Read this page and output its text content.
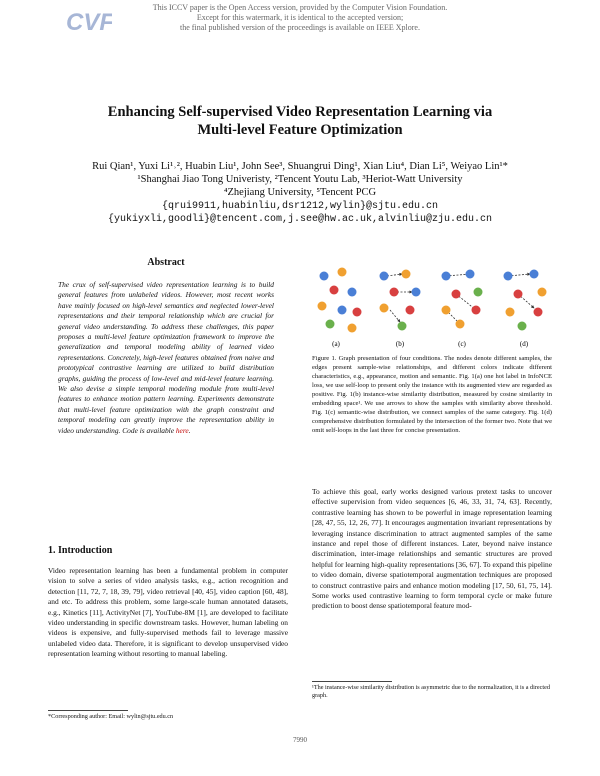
CVF
This ICCV paper is the Open Access version, provided by the Computer Vision Foundation.
Except for this watermark, it is identical to the accepted version;
the final published version of the proceedings is available on IEEE Xplore.
Enhancing Self-supervised Video Representation Learning via
Multi-level Feature Optimization
Rui Qian¹, Yuxi Li¹˒², Huabin Liu¹, John See³, Shuangrui Ding¹, Xian Liu⁴, Dian Li⁵, Weiyao Lin¹*
¹Shanghai Jiao Tong Univeristy, ²Tencent Youtu Lab, ³Heriot-Watt University
⁴Zhejiang University, ⁵Tencent PCG
{qrui9911,huabinliu,dsr1212,wylin}@sjtu.edu.cn
{yukiyxli,goodli}@tencent.com,j.see@hw.ac.uk,alvinliu@zju.edu.cn
Abstract
The crux of self-supervised video representation learning is to build general features from unlabeled videos. However, most recent works have mainly focused on high-level semantics and neglected lower-level representations and their temporal relationship which are crucial for general video understanding. To address these challenges, this paper proposes a multi-level feature optimization framework to improve the generalization and temporal modeling ability of learned video representations. Concretely, high-level features obtained from naive and prototypical contrastive learning are utilized to build distribution graphs, guiding the process of low-level and mid-level feature learning. We also devise a simple temporal modeling module from multi-level features to enhance motion pattern learning. Experiments demonstrate that multi-level feature optimization with the graph constraint and temporal modeling can greatly improve the representation ability in video understanding. Code is available here.
1. Introduction
Video representation learning has been a fundamental problem in computer vision to solve a series of video analysis tasks, e.g., action recognition and detection [11, 72, 7, 18, 39, 79], video retrieval [40, 45], video caption [60, 48], and etc. To address this problem, some large-scale human annotated datasets, e.g., Kinetics [11], ActivityNet [7], YouTube-8M [1], are developed to facilitate video understanding in specific downstream tasks. However, human labeling on videos is expensive, and fully-supervised methods fail to leverage massive unlabeled video data. Therefore, it is significant to develop unsupervised video representation learning without resorting to manual labeling.
*Corresponding author: Email: wylin@sjtu.edu.cn
(a)	(b)	(c)	(d)
Figure 1. Graph presentation of four conditions. The nodes denote different samples, the edges present sample-wise relationships, and different colors indicate different characteristics, e.g., appearance, motion and semantic. Fig. 1(a) one hot label in InfoNCE loss, we use self-loop to present only the instance with its augmented view are regarded as positive. Fig. 1(b) instance-wise similarity distribution, measured by cosine similarity in embedding space¹. We use arrows to show the samples with similarity above threshold. Fig. 1(c) semantic-wise distribution, we connect samples of the same category. Fig. 1(d) comprehensive distribution formulated by the intersection of the former two. Note that we omit self-loops in the last three for concise presentation.
To achieve this goal, early works designed various pretext tasks to uncover effective supervision from video sequences [6, 46, 33, 31, 74, 63]. Recently, contrastive learning has shown to be powerful in image representation learning [28, 47, 55, 12, 26, 77]. It encourages augmentation invariant representations by leveraging instance discrimination to attract augmented samples of the same instance and repel those of different instances. Later, beyond naive instance discrimination, inter-image relationships and semantic structures are proved helpful for learning high-quality representations [36, 67]. To expand this pipeline to video domain, diverse spatiotemporal augmentation techniques are proposed to construct contrastive pairs and enhance motion modeling [17, 50, 61, 75, 14]. Some works used contrastive learning to form temporal cycle or make future prediction to boost dense spatiotemporal feature mod-
¹The instance-wise similarity distribution is asymmetric due to the normalization, it is a directed graph.
7990
